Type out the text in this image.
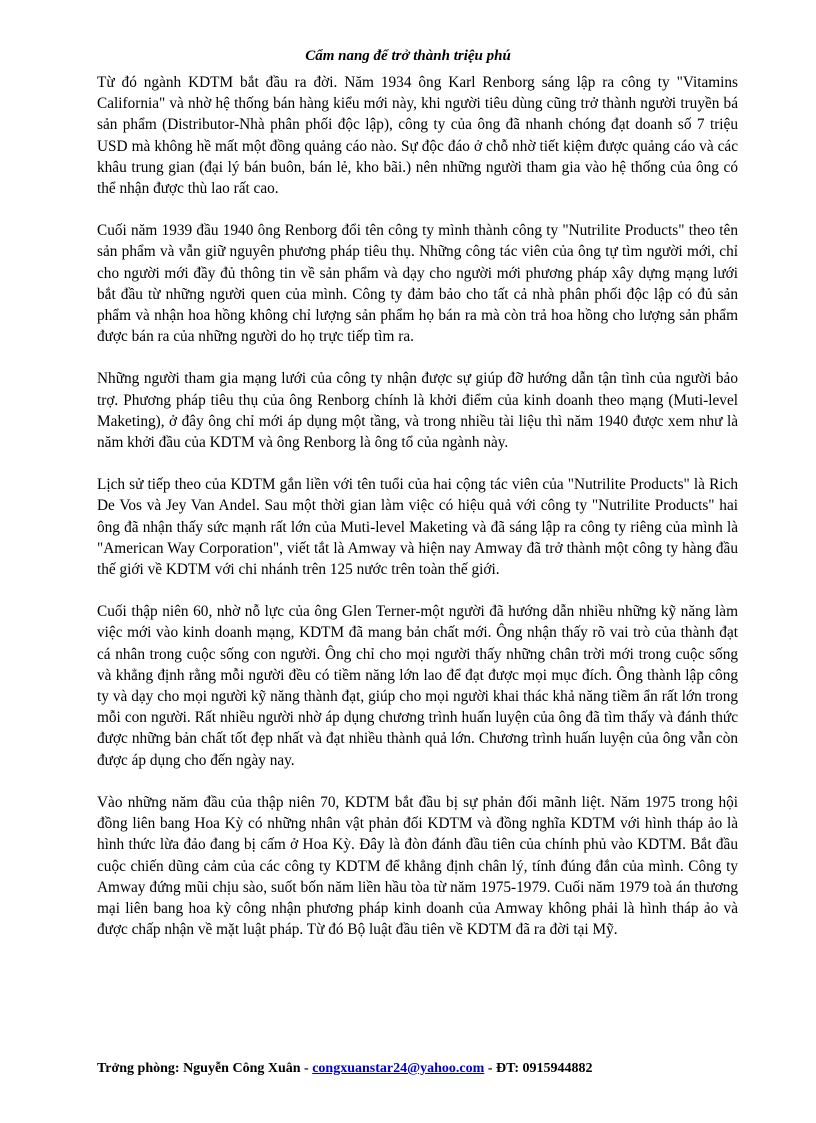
Cẩm nang để trở thành triệu phú

Từ đó ngành KDTM bắt đầu ra đời. Năm 1934 ông Karl Renborg sáng lập ra công ty "Vitamins California" và nhờ hệ thống bán hàng kiểu mới này, khi người tiêu dùng cũng trở thành người truyền bá sản phẩm (Distributor-Nhà phân phối độc lập), công ty của ông đã nhanh chóng đạt doanh số 7 triệu USD mà không hề mất một đồng quảng cáo nào. Sự độc đáo ở chỗ nhờ tiết kiệm được quảng cáo và các khâu trung gian (đại lý bán buôn, bán lẻ, kho bãi.) nên những người tham gia vào hệ thống của ông có thể nhận được thù lao rất cao.

Cuối năm 1939 đầu 1940 ông Renborg đổi tên công ty mình thành công ty "Nutrilite Products" theo tên sản phẩm và vẫn giữ nguyên phương pháp tiêu thụ. Những công tác viên của ông tự tìm người mới, chỉ cho người mới đầy đủ thông tin về sản phẩm và dạy cho người mới phương pháp xây dựng mạng lưới bắt đầu từ những người quen của mình. Công ty đảm bảo cho tất cả nhà phân phối độc lập có đủ sản phẩm và nhận hoa hồng không chỉ lượng sản phẩm họ bán ra mà còn trả hoa hồng cho lượng sản phẩm được bán ra của những người do họ trực tiếp tìm ra.

Những người tham gia mạng lưới của công ty nhận được sự giúp đỡ hướng dẫn tận tình của người bảo trợ. Phương pháp tiêu thụ của ông Renborg chính là khởi điểm của kinh doanh theo mạng (Muti-level Maketing), ở đây ông chỉ mới áp dụng một tầng, và trong nhiều tài liệu thì năm 1940 được xem như là năm khởi đầu của KDTM và ông Renborg là ông tổ của ngành này.

Lịch sử tiếp theo của KDTM gắn liền với tên tuổi của hai cộng tác viên của "Nutrilite Products" là Rich De Vos và Jey Van Andel. Sau một thời gian làm việc có hiệu quả với công ty "Nutrilite Products" hai ông đã nhận thấy sức mạnh rất lớn của Muti-level Maketing và đã sáng lập ra công ty riêng của mình là "American Way Corporation", viết tắt là Amway và hiện nay Amway đã trở thành một công ty hàng đầu thế giới về KDTM với chi nhánh trên 125 nước trên toàn thế giới.

Cuối thập niên 60, nhờ nỗ lực của ông Glen Terner-một người đã hướng dẫn nhiều những kỹ năng làm việc mới vào kinh doanh mạng, KDTM đã mang bản chất mới. Ông nhận thấy rõ vai trò của thành đạt cá nhân trong cuộc sống con người. Ông chỉ cho mọi người thấy những chân trời mới trong cuộc sống và khẳng định rằng mỗi người đều có tiềm năng lớn lao để đạt được mọi mục đích. Ông thành lập công ty và dạy cho mọi người kỹ năng thành đạt, giúp cho mọi người khai thác khả năng tiềm ẩn rất lớn trong mỗi con người. Rất nhiều người nhờ áp dụng chương trình huấn luyện của ông đã tìm thấy và đánh thức được những bản chất tốt đẹp nhất và đạt nhiều thành quả lớn. Chương trình huấn luyện của ông vẫn còn được áp dụng cho đến ngày nay.

Vào những năm đầu của thập niên 70, KDTM bắt đầu bị sự phản đối mãnh liệt. Năm 1975 trong hội đồng liên bang Hoa Kỳ có những nhân vật phản đối KDTM và đồng nghĩa KDTM với hình tháp ảo là hình thức lừa đảo đang bị cấm ở Hoa Kỳ. Đây là đòn đánh đầu tiên của chính phủ vào KDTM. Bắt đầu cuộc chiến dũng cảm của các công ty KDTM để khẳng định chân lý, tính đúng đắn của mình. Công ty Amway đứng mũi chịu sào, suốt bốn năm liền hầu tòa từ năm 1975-1979. Cuối năm 1979 toà án thương mại liên bang hoa kỳ công nhận phương pháp kinh doanh của Amway không phải là hình tháp ảo và được chấp nhận về mặt luật pháp. Từ đó Bộ luật đầu tiên về KDTM đã ra đời tại Mỹ.

Trởng phòng: Nguyễn Công Xuân - congxuanstar24@yahoo.com - ĐT: 0915944882
